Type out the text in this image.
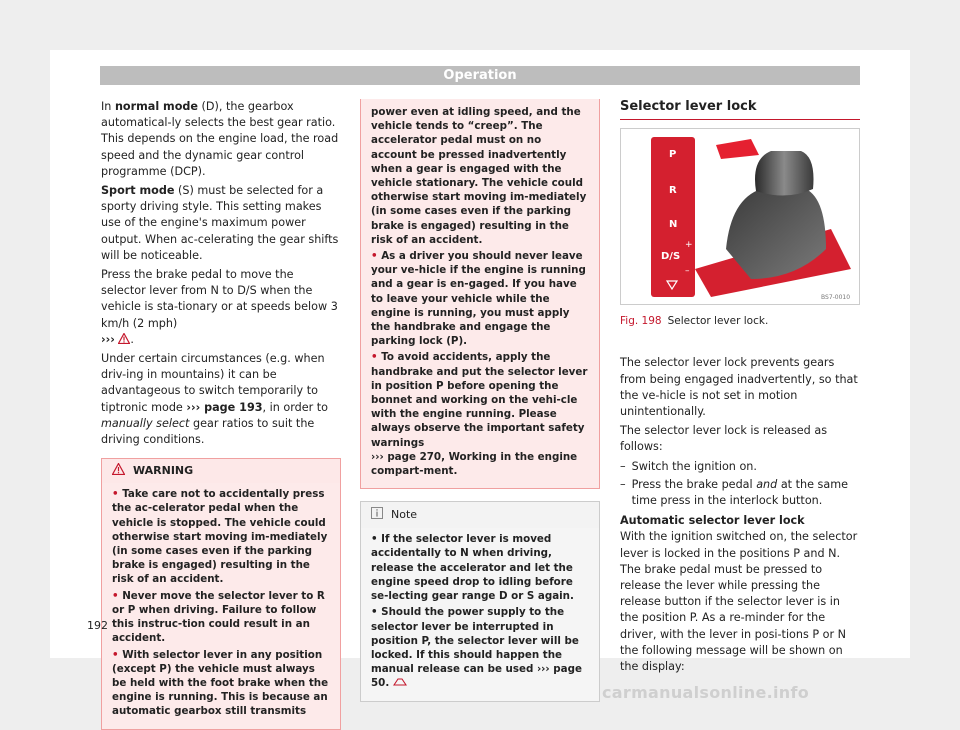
Operation

In normal mode (D), the gearbox automatical-ly selects the best gear ratio. This depends on the engine load, the road speed and the dynamic gear control programme (DCP).

Sport mode (S) must be selected for a sporty driving style. This setting makes use of the engine's maximum power output. When ac-celerating the gear shifts will be noticeable.

Press the brake pedal to move the selector lever from N to D/S when the vehicle is sta-tionary or at speeds below 3 km/h (2 mph)
››› .

Under certain circumstances (e.g. when driv-ing in mountains) it can be advantageous to switch temporarily to tiptronic mode ››› page 193, in order to manually select gear ratios to suit the driving conditions.

WARNING

• Take care not to accidentally press the ac-celerator pedal when the vehicle is stopped. The vehicle could otherwise start moving im-mediately (in some cases even if the parking brake is engaged) resulting in the risk of an accident.

• Never move the selector lever to R or P when driving. Failure to follow this instruc-tion could result in an accident.

• With selector lever in any position (except P) the vehicle must always be held with the foot brake when the engine is running. This is because an automatic gearbox still transmits

power even at idling speed, and the vehicle tends to “creep”. The accelerator pedal must on no account be pressed inadvertently when a gear is engaged with the vehicle stationary. The vehicle could otherwise start moving im-mediately (in some cases even if the parking brake is engaged) resulting in the risk of an accident.

• As a driver you should never leave your ve-hicle if the engine is running and a gear is en-gaged. If you have to leave your vehicle while the engine is running, you must apply the handbrake and engage the parking lock (P).

• To avoid accidents, apply the handbrake and put the selector lever in position P before opening the bonnet and working on the vehi-cle with the engine running. Please always observe the important safety warnings
››› page 270, Working in the engine compart-ment.

Note

• If the selector lever is moved accidentally to N when driving, release the accelerator and let the engine speed drop to idling before se-lecting gear range D or S again.

• Should the power supply to the selector lever be interrupted in position P, the selector lever will be locked. If this should happen the manual release can be used ››› page 50.

Selector lever lock
P
R
N
D/S
+
–
BS7-0010
Fig. 198 Selector lever lock.

The selector lever lock prevents gears from being engaged inadvertently, so that the ve-hicle is not set in motion unintentionally.

The selector lever lock is released as follows:

– Switch the ignition on.
– Press the brake pedal and at the same time press in the interlock button.

Automatic selector lever lock

With the ignition switched on, the selector lever is locked in the positions P and N. The brake pedal must be pressed to release the lever while pressing the release button if the selector lever is in the position P. As a re-minder for the driver, with the lever in posi-tions P or N the following message will be shown on the display:

192
carmanualsonline.info
